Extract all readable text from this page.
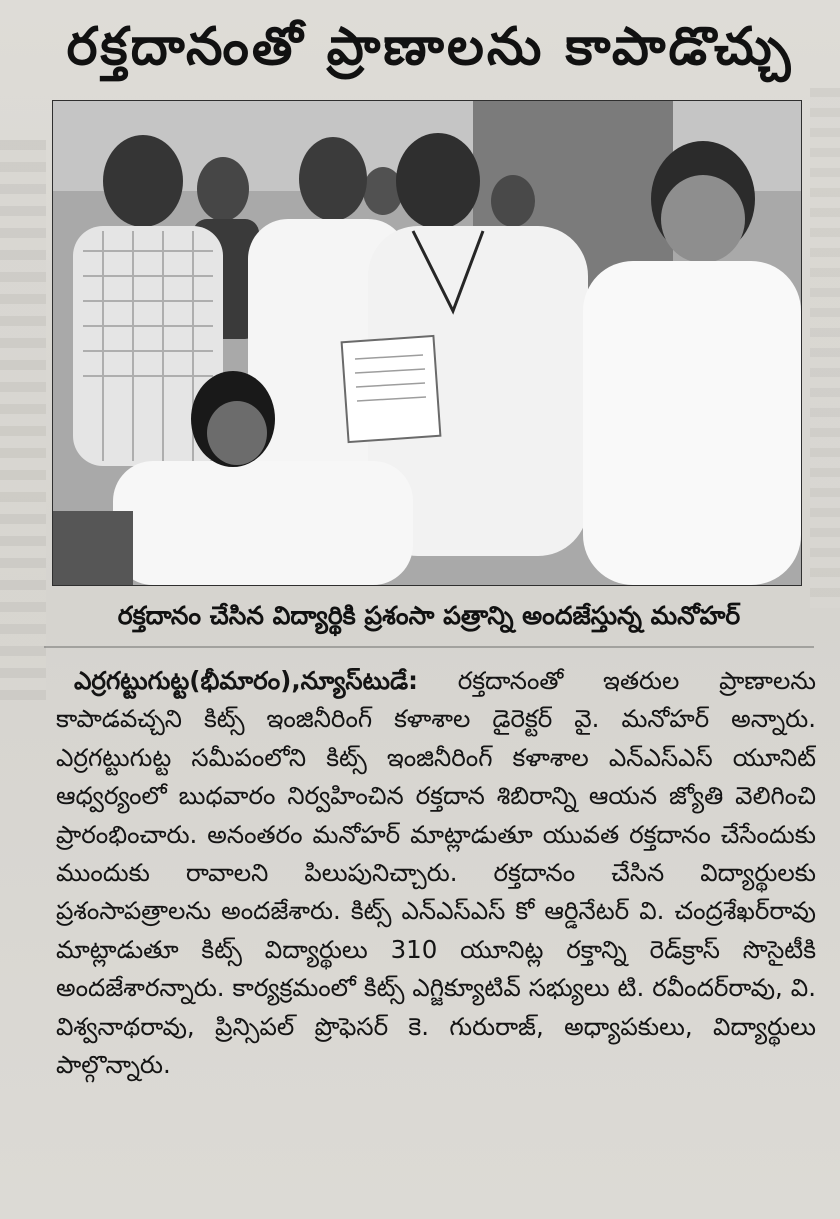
రక్తదానంతో ప్రాణాలను కాపాడొచ్చు

రక్తదానం చేసిన విద్యార్థికి ప్రశంసా పత్రాన్ని అందజేస్తున్న మనోహర్

ఎర్రగట్టుగుట్ట(భీమారం),న్యూస్‌టుడే: రక్తదానంతో ఇతరుల ప్రాణాలను కాపాడవచ్చని కిట్స్ ఇంజినీరింగ్ కళాశాల డైరెక్టర్ వై. మనోహర్ అన్నారు. ఎర్రగట్టుగుట్ట సమీపంలోని కిట్స్ ఇంజినీరింగ్ కళాశాల ఎన్‌ఎస్‌ఎస్ యూనిట్ ఆధ్వర్యంలో బుధవారం నిర్వహించిన రక్తదాన శిబిరాన్ని ఆయన జ్యోతి వెలిగించి ప్రారంభించారు. అనంతరం మనోహర్ మాట్లాడుతూ యువత రక్తదానం చేసేందుకు ముందుకు రావాలని పిలుపునిచ్చారు. రక్తదానం చేసిన విద్యార్థులకు ప్రశంసాపత్రాలను అందజేశారు. కిట్స్ ఎన్‌ఎస్‌ఎస్ కో ఆర్డినేటర్ వి. చంద్రశేఖర్‌రావు మాట్లాడుతూ కిట్స్ విద్యార్థులు 310 యూనిట్ల రక్తాన్ని రెడ్‌క్రాస్ సొసైటీకి అందజేశారన్నారు. కార్యక్రమంలో కిట్స్ ఎగ్జిక్యూటివ్ సభ్యులు టి. రవీందర్‌రావు, వి. విశ్వనాథరావు, ప్రిన్సిపల్ ప్రొఫెసర్ కె. గురురాజ్, అధ్యాపకులు, విద్యార్థులు పాల్గొన్నారు.
